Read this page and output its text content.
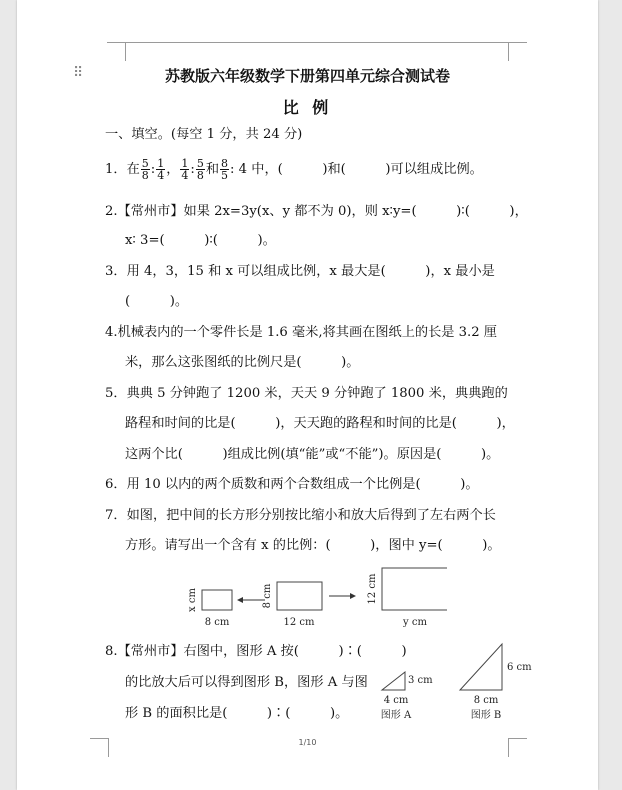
⠿	苏教版六年级数学下册第四单元综合测试卷
比 例
一、填空。(每空 1 分，共 24 分)
1．在 $\frac{5}{8}$ : $\frac{1}{4}$ ， $\frac{1}{4}$ : $\frac{5}{8}$ 和 $\frac{8}{5}$ : 4 中，(　　　)和(　　　)可以组成比例。
2.【常州市】如果 2x=3y(x、y 都不为 0)，则 x∶y=(　　　)∶(　　　)，
x∶ 3=(　　　)∶(　　　)。
3．用 4，3，15 和 x 可以组成比例，x 最大是(　　　)，x 最小是
(　　　)。
4.机械表内的一个零件长是 1.6 毫米,将其画在图纸上的长是 3.2 厘
米，那么这张图纸的比例尺是(　　　)。
5．典典 5 分钟跑了 1200 米，天天 9 分钟跑了 1800 米，典典跑的
路程和时间的比是(　　　)，天天跑的路程和时间的比是(　　　)，
这两个比(　　　)组成比例(填“能”或“不能”)。原因是(　　　)。
6．用 10 以内的两个质数和两个合数组成一个比例是(　　　)。
7．如图，把中间的长方形分别按比缩小和放大后得到了左右两个长
方形。请写出一个含有 x 的比例：(　　　)，图中 y=(　　　)。
x cm
8 cm
8 cm
12 cm
12 cm
y cm
8.【常州市】右图中，图形 A 按(　　　)∶(　　　)
的比放大后可以得到图形 B，图形 A 与图
形 B 的面积比是(　　　)∶(　　　)。
3 cm
4 cm
图形 A
6 cm
8 cm
图形 B
1/10
